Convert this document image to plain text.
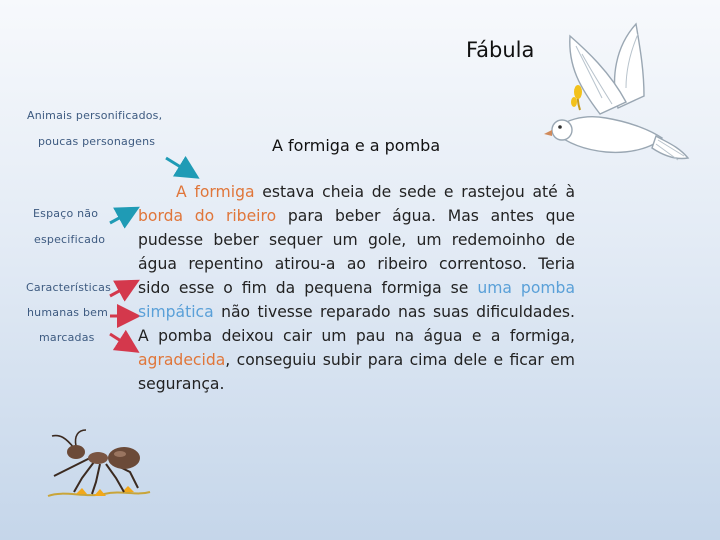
Fábula
Animais personificados,
poucas personagens
Espaço não
especificado
Características
humanas bem
marcadas
A formiga e a pomba
A formiga estava cheia de sede e rastejou até à borda do ribeiro para beber água. Mas antes que pudesse beber sequer um gole, um redemoinho de água repentino atirou-a ao ribeiro correntoso. Teria sido esse o fim da pequena formiga se uma pomba simpática não tivesse reparado nas suas dificuldades. A pomba deixou cair um pau na água e a formiga, agradecida, conseguiu subir para cima dele e ficar em segurança.
